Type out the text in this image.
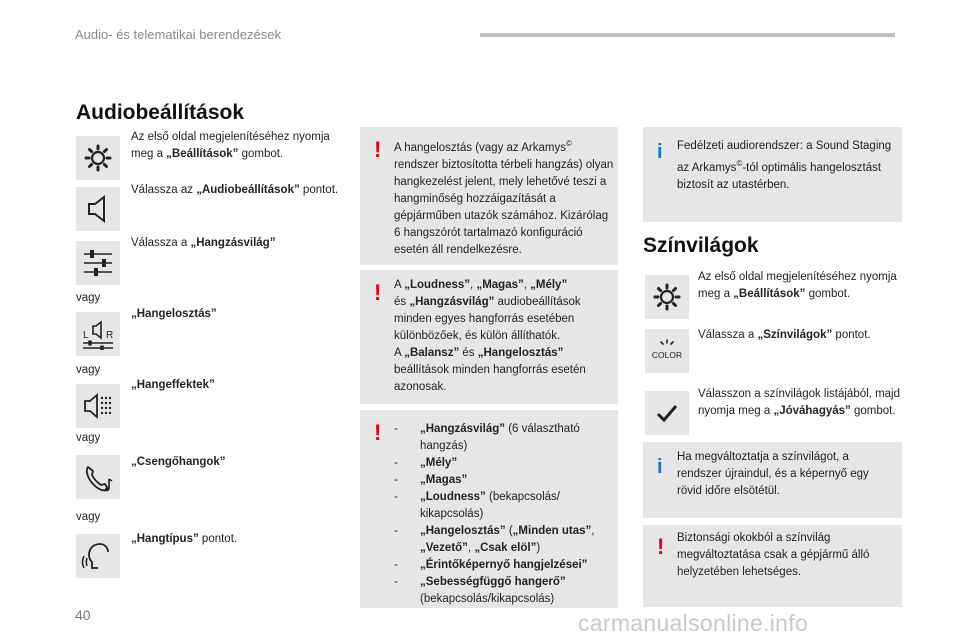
Audio- és telematikai berendezések
Audiobeállítások
Az első oldal megjelenítéséhez nyomja meg a „Beállítások” gombot.
Válassza az „Audiobeállítások” pontot.
Válassza a „Hangzásvilág”
vagy
L R
„Hangelosztás”
vagy
„Hangeffektek”
vagy
„Csengőhangok”
vagy
„Hangtípus” pontot.
! A hangelosztás (vagy az Arkamys© rendszer biztosította térbeli hangzás) olyan hangkezelést jelent, mely lehetővé teszi a hangminőség hozzáigazítását a gépjárműben utazók számához. Kizárólag 6 hangszórót tartalmazó konfiguráció esetén áll rendelkezésre.
! A „Loudness”, „Magas”, „Mély”
és „Hangzásvilág” audiobeállítások minden egyes hangforrás esetében különbözőek, és külön állíthatók.
A „Balansz” és „Hangelosztás” beállítások minden hangforrás esetén azonosak.
! - „Hangzásvilág” (6 választható hangzás)
- „Mély”
- „Magas”
- „Loudness” (bekapcsolás/ kikapcsolás)
- „Hangelosztás” („Minden utas”, „Vezető”, „Csak elöl”)
- „Érintőképernyő hangjelzései”
- „Sebességfüggő hangerő” (bekapcsolás/kikapcsolás)
i Fedélzeti audiorendszer: a Sound Staging az Arkamys©-tól optimális hangelosztást biztosít az utastérben.
Színvilágok
Az első oldal megjelenítéséhez nyomja meg a „Beállítások” gombot.
COLOR
Válassza a „Színvilágok” pontot.
Válasszon a színvilágok listájából, majd nyomja meg a „Jóváhagyás” gombot.
i Ha megváltoztatja a színvilágot, a rendszer újraindul, és a képernyő egy rövid időre elsötétül.
! Biztonsági okokból a színvilág megváltoztatása csak a gépjármű álló helyzetében lehetséges.
40	carmanualsonline.info
